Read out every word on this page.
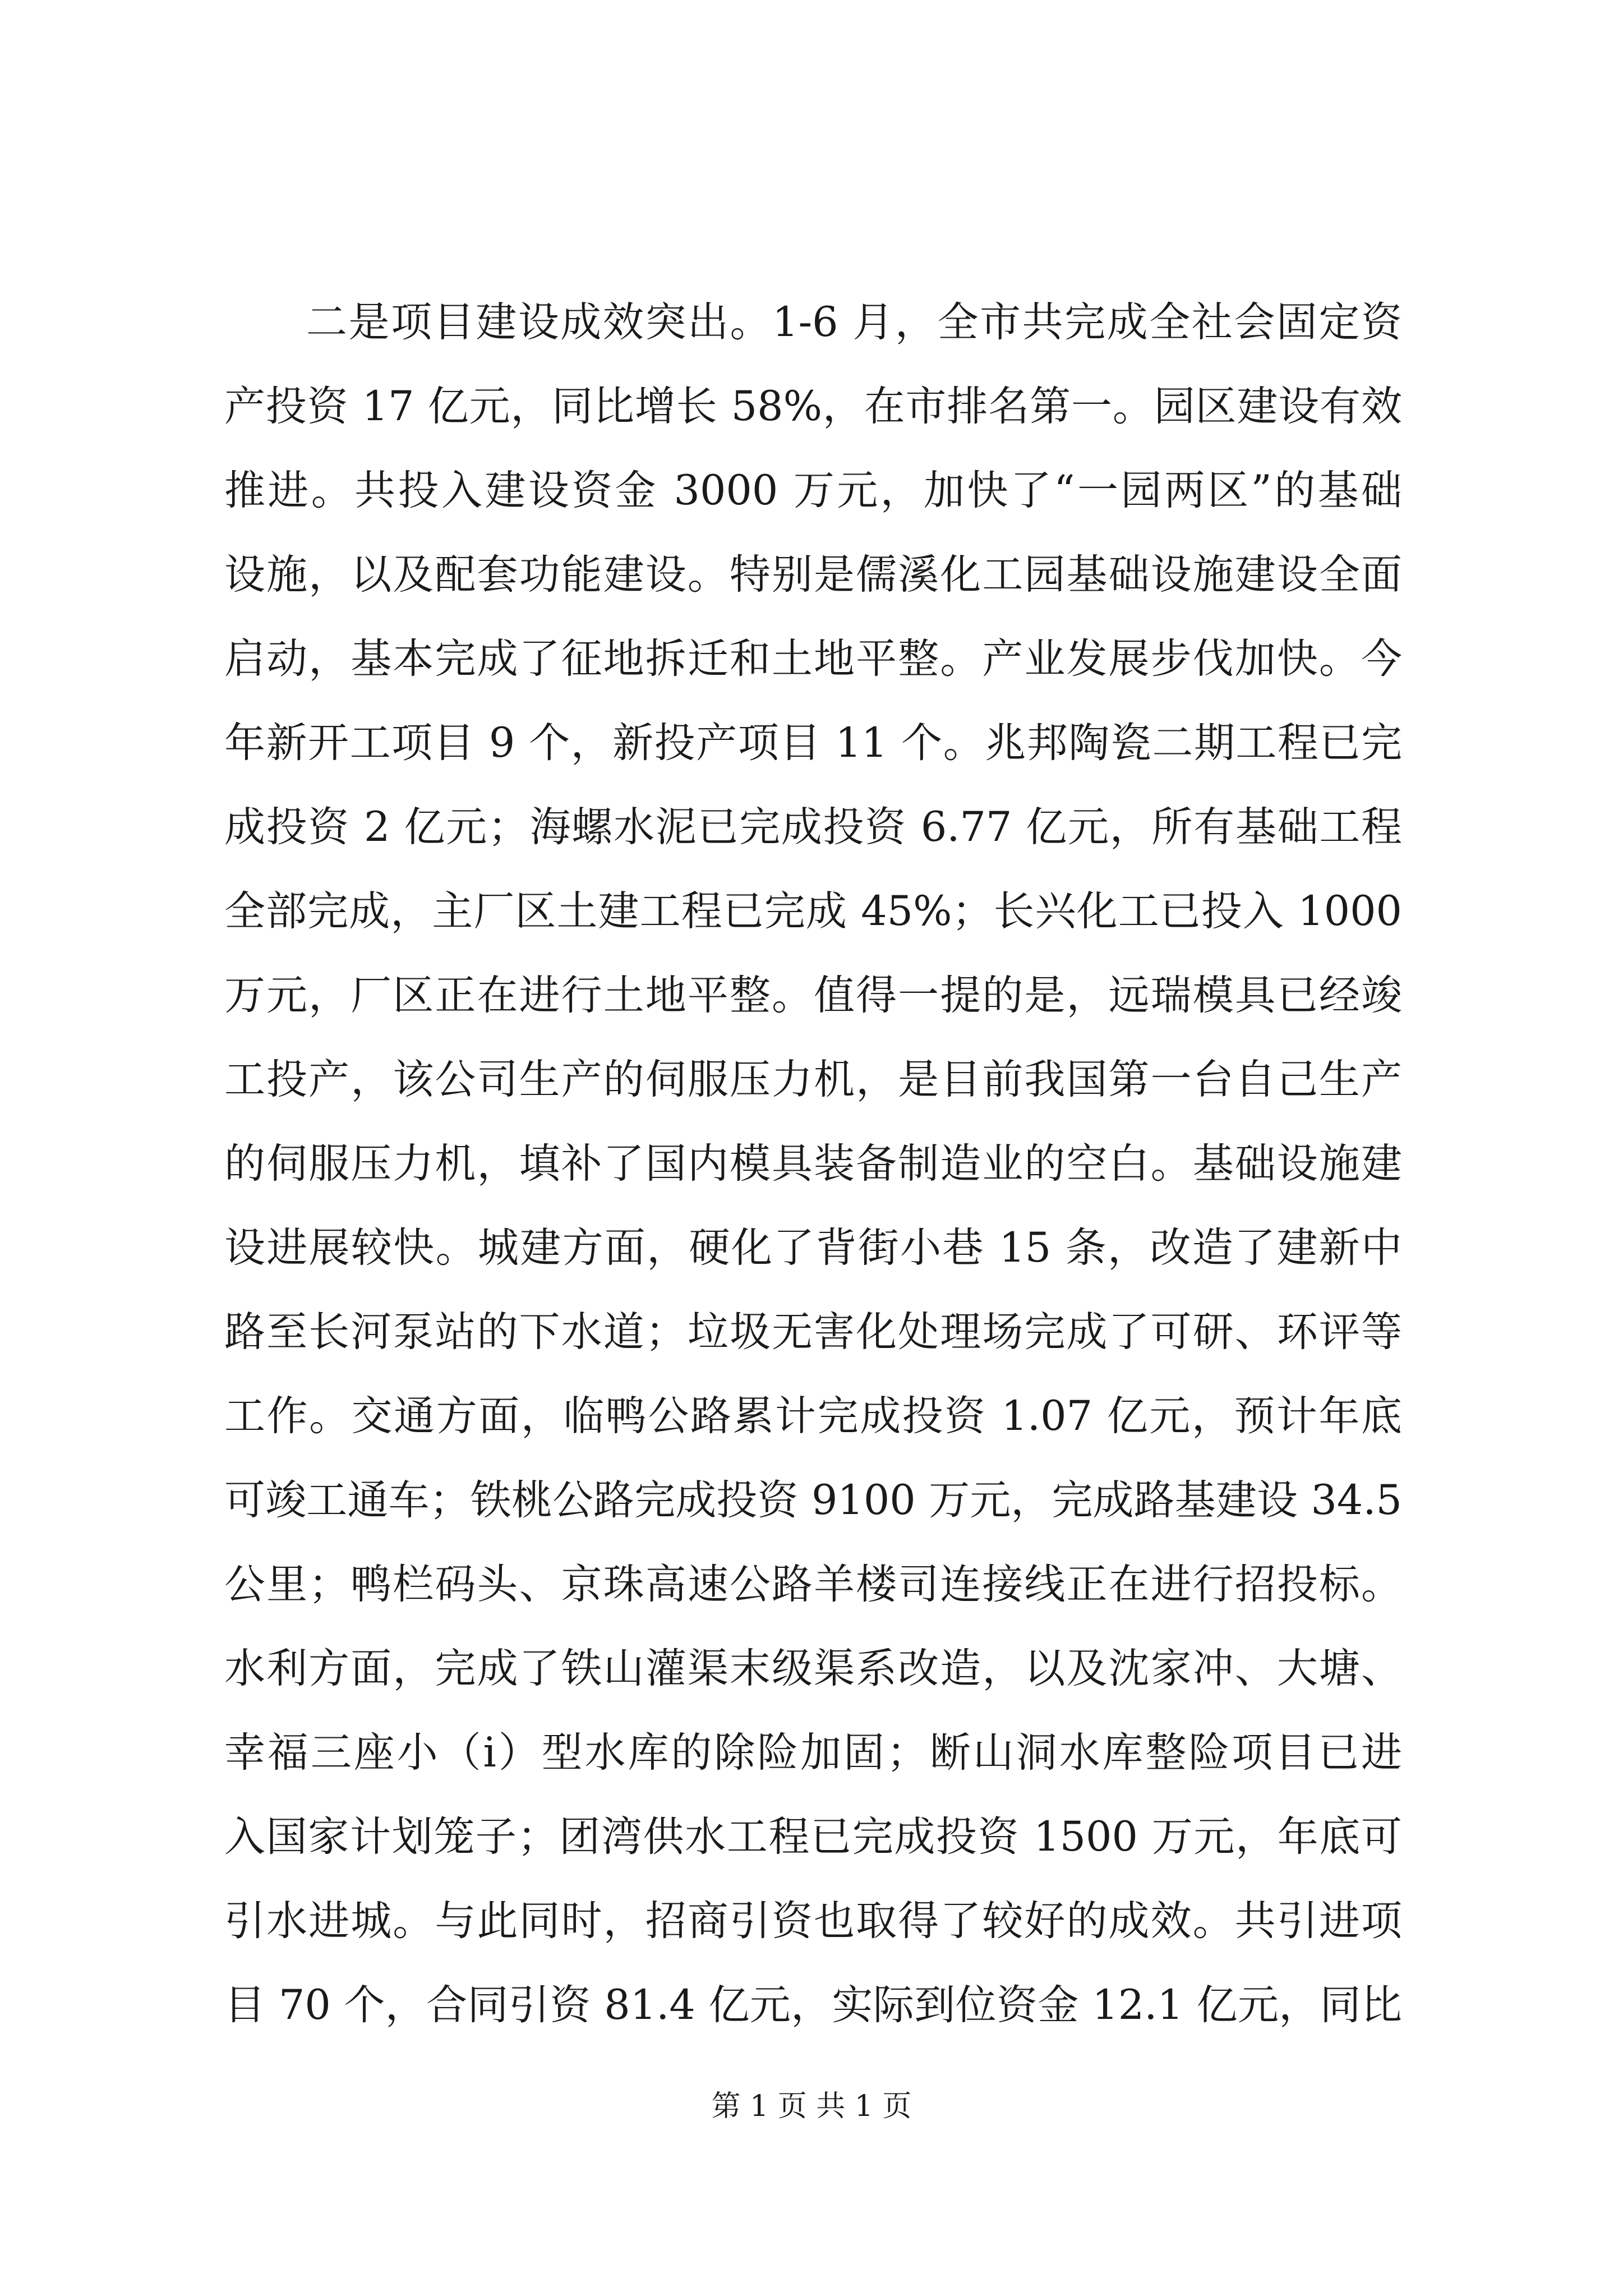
二是项目建设成效突出。1-6 月，全市共完成全社会固定资
产投资 17 亿元，同比增长 58%，在市排名第一。园区建设有效
推进。共投入建设资金 3000 万元，加快了“一园两区”的基础
设施，以及配套功能建设。特别是儒溪化工园基础设施建设全面
启动，基本完成了征地拆迁和土地平整。产业发展步伐加快。今
年新开工项目 9 个，新投产项目 11 个。兆邦陶瓷二期工程已完
成投资 2 亿元；海螺水泥已完成投资 6.77 亿元，所有基础工程
全部完成，主厂区土建工程已完成 45%；长兴化工已投入 1000
万元，厂区正在进行土地平整。值得一提的是，远瑞模具已经竣
工投产，该公司生产的伺服压力机，是目前我国第一台自己生产
的伺服压力机，填补了国内模具装备制造业的空白。基础设施建
设进展较快。城建方面，硬化了背街小巷 15 条，改造了建新中
路至长河泵站的下水道；垃圾无害化处理场完成了可研、环评等
工作。交通方面，临鸭公路累计完成投资 1.07 亿元，预计年底
可竣工通车；铁桃公路完成投资 9100 万元，完成路基建设 34.5
公里；鸭栏码头、京珠高速公路羊楼司连接线正在进行招投标。
水利方面，完成了铁山灌渠末级渠系改造，以及沈家冲、大塘、
幸福三座小（ⅰ）型水库的除险加固；断山洞水库整险项目已进
入国家计划笼子；团湾供水工程已完成投资 1500 万元，年底可
引水进城。与此同时，招商引资也取得了较好的成效。共引进项
目 70 个，合同引资 81.4 亿元，实际到位资金 12.1 亿元，同比
第 1 页 共 1 页
